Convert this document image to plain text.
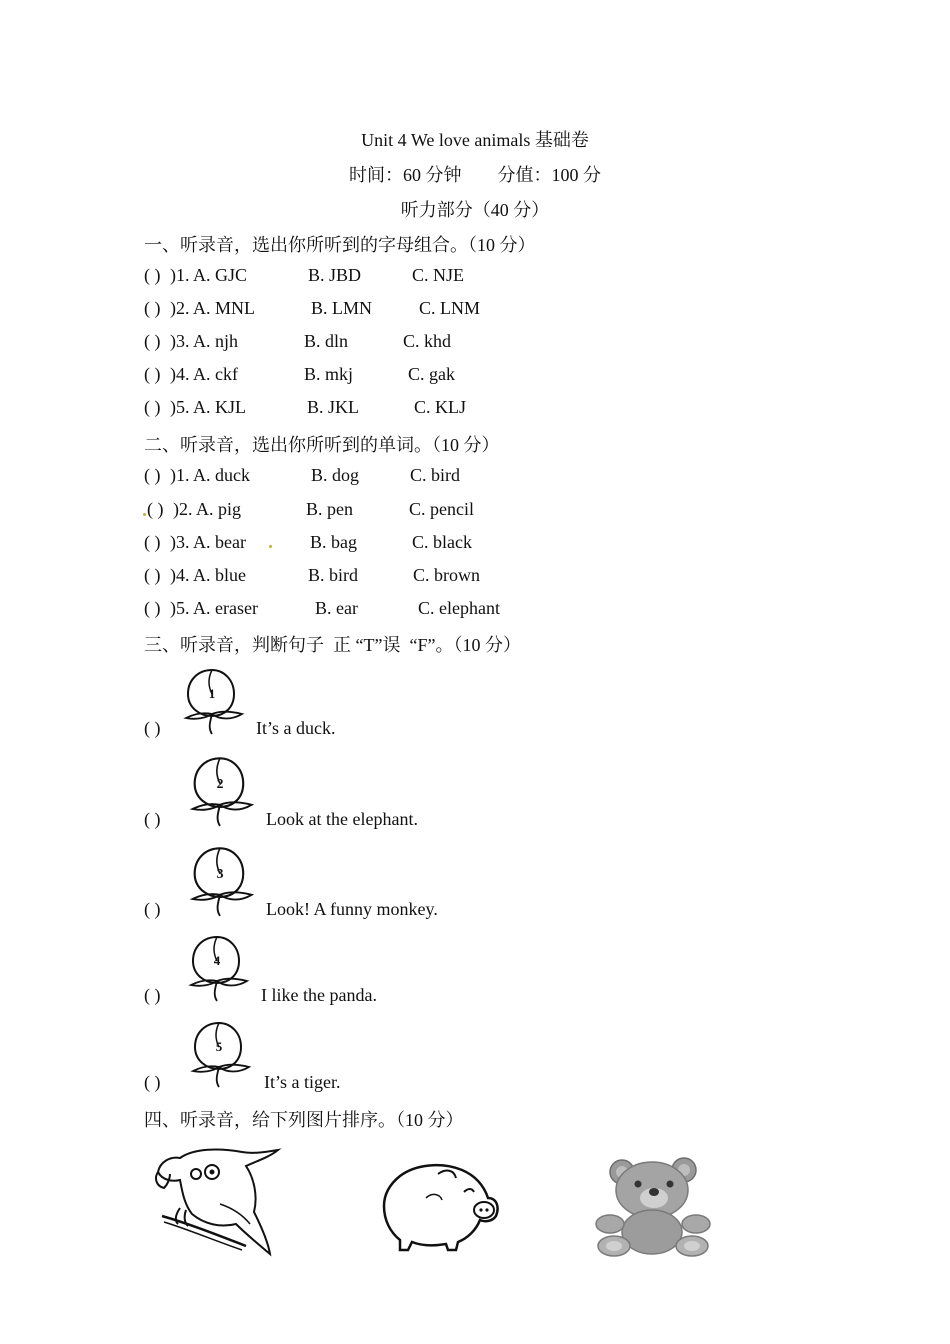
Unit 4 We love animals 基础卷
时间：60 分钟        分值：100 分
听力部分（40 分）
一、听录音，选出你所听到的字母组合。（10 分）
( ) )1. A. GJC	B. JBD	C. NJE
( ) )2. A. MNL	B. LMN	C. LNM
( ) )3. A. njh	B. dln	C. khd
( ) )4. A. ckf	B. mkj	C. gak
( ) )5. A. KJL	B. JKL	C. KLJ
二、听录音，选出你所听到的单词。（10 分）
( ) )1. A. duck	B. dog	C. bird
( ) )2. A. pig	B. pen	C. pencil
( ) )3. A. bear	B. bag	C. black
( ) )4. A. blue	B. bird	C. brown
( ) )5. A. eraser	B. ear	C. elephant
三、听录音，判断句子  正 “T”误  “F”。（10 分）
1
( )	It’s a duck.
2
( )	Look at the elephant.
3
( )	Look! A funny monkey.
4
( )	I like the panda.
5
( )	It’s a tiger.
四、听录音，给下列图片排序。（10 分）
